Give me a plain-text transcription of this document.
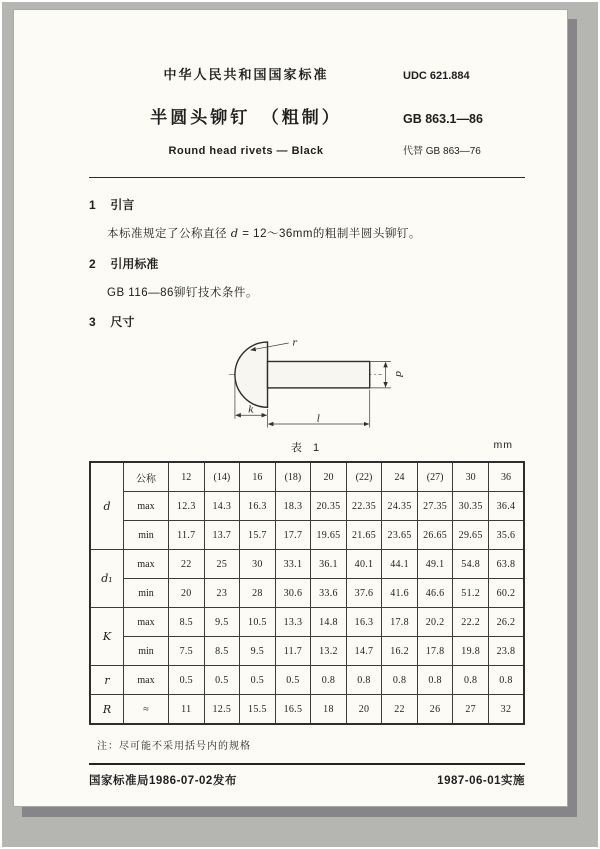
中华人民共和国国家标准	UDC 621.884
半圆头铆钉　（粗制）	GB 863.1—86
Round head rivets — Black	代替 GB 863—76
1 引言
本标准规定了公称直径 d = 12～36mm的粗制半圆头铆钉。
2 引用标准
GB 116—86铆钉技术条件。
3 尺寸
r
d
k
l
表 1	mm
d	公称	12	(14)	16	(18)	20	(22)	24	(27)	30	36
	max	12.3	14.3	16.3	18.3	20.35	22.35	24.35	27.35	30.35	36.4
	min	11.7	13.7	15.7	17.7	19.65	21.65	23.65	26.65	29.65	35.6
d₁	max	22	25	30	33.1	36.1	40.1	44.1	49.1	54.8	63.8
	min	20	23	28	30.6	33.6	37.6	41.6	46.6	51.2	60.2
K	max	8.5	9.5	10.5	13.3	14.8	16.3	17.8	20.2	22.2	26.2
	min	7.5	8.5	9.5	11.7	13.2	14.7	16.2	17.8	19.8	23.8
r	max	0.5	0.5	0.5	0.5	0.8	0.8	0.8	0.8	0.8	0.8
R	≈	11	12.5	15.5	16.5	18	20	22	26	27	32
注：尽可能不采用括号内的规格
国家标准局1986-07-02发布	1987-06-01实施
